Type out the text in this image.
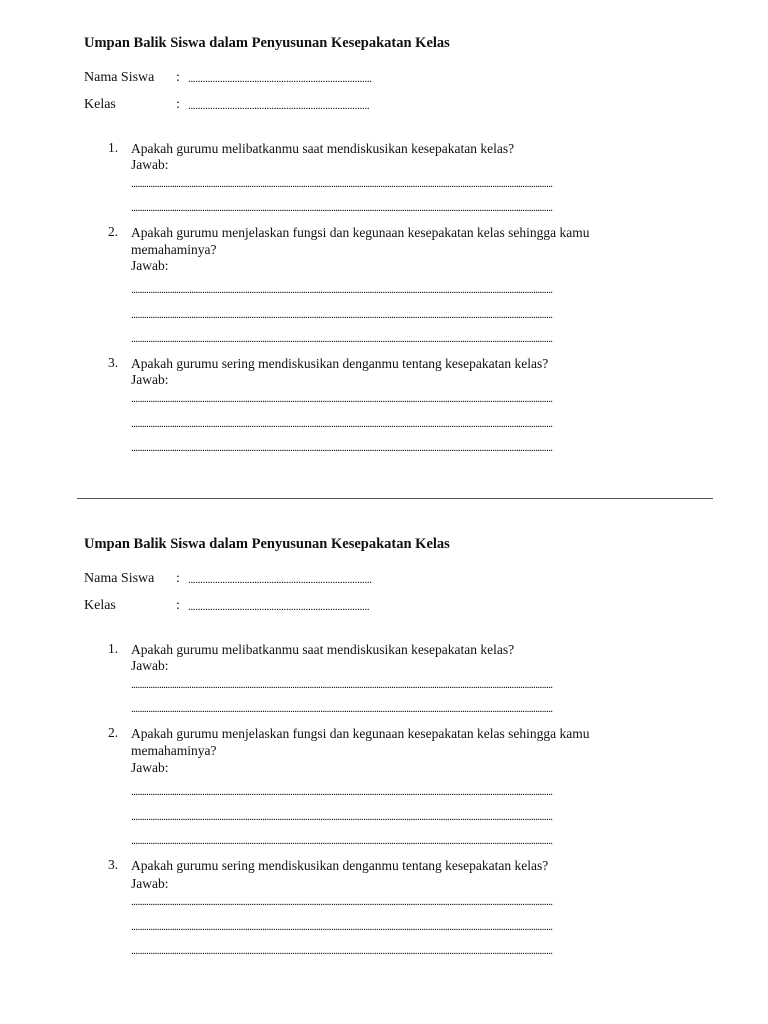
Umpan Balik Siswa dalam Penyusunan Kesepakatan Kelas
Nama Siswa : ...........................................................................
Kelas	: ..........................................................................
1. Apakah gurumu melibatkanmu saat mendiskusikan kesepakatan kelas?
Jawab:
....................................................................................................................................................................................................
....................................................................................................................................................................................................
2. Apakah gurumu menjelaskan fungsi dan kegunaan kesepakatan kelas sehingga kamu memahaminya?
Jawab:
....................................................................................................................................................................................................
....................................................................................................................................................................................................
....................................................................................................................................................................................................
3. Apakah gurumu sering mendiskusikan denganmu tentang kesepakatan kelas?
Jawab:
....................................................................................................................................................................................................
....................................................................................................................................................................................................
....................................................................................................................................................................................................
Umpan Balik Siswa dalam Penyusunan Kesepakatan Kelas
Nama Siswa : ...........................................................................
Kelas	: ..........................................................................
1. Apakah gurumu melibatkanmu saat mendiskusikan kesepakatan kelas?
Jawab:
....................................................................................................................................................................................................
....................................................................................................................................................................................................
2. Apakah gurumu menjelaskan fungsi dan kegunaan kesepakatan kelas sehingga kamu memahaminya?
Jawab:
....................................................................................................................................................................................................
....................................................................................................................................................................................................
....................................................................................................................................................................................................
3. Apakah gurumu sering mendiskusikan denganmu tentang kesepakatan kelas?
Jawab:
....................................................................................................................................................................................................
....................................................................................................................................................................................................
....................................................................................................................................................................................................
